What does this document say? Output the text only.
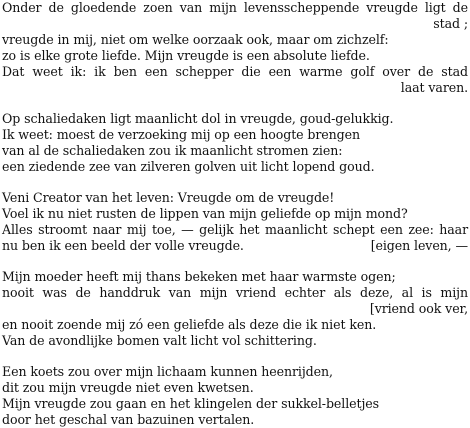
Onder de gloedende zoen van mijn levensscheppende vreugde ligt de
stad ;
vreugde in mij, niet om welke oorzaak ook, maar om zichzelf:
zo is elke grote liefde. Mijn vreugde is een absolute liefde.
Dat weet ik: ik ben een schepper die een warme golf over de stad
laat varen.
Op schaliedaken ligt maanlicht dol in vreugde, goud-gelukkig.
Ik weet: moest de verzoeking mij op een hoogte brengen
van al de schaliedaken zou ik maanlicht stromen zien:
een ziedende zee van zilveren golven uit licht lopend goud.
Veni Creator van het leven: Vreugde om de vreugde!
Voel ik nu niet rusten de lippen van mijn geliefde op mijn mond?
Alles stroomt naar mij toe, — gelijk het maanlicht schept een zee: haar
nu ben ik een beeld der volle vreugde.	[eigen leven, —
Mijn moeder heeft mij thans bekeken met haar warmste ogen;
nooit was de handdruk van mijn vriend echter als deze, al is mijn
[vriend ook ver,
en nooit zoende mij zó een geliefde als deze die ik niet ken.
Van de avondlijke bomen valt licht vol schittering.
Een koets zou over mijn lichaam kunnen heenrijden,
dit zou mijn vreugde niet even kwetsen.
Mijn vreugde zou gaan en het klingelen der sukkel-belletjes
door het geschal van bazuinen vertalen.
